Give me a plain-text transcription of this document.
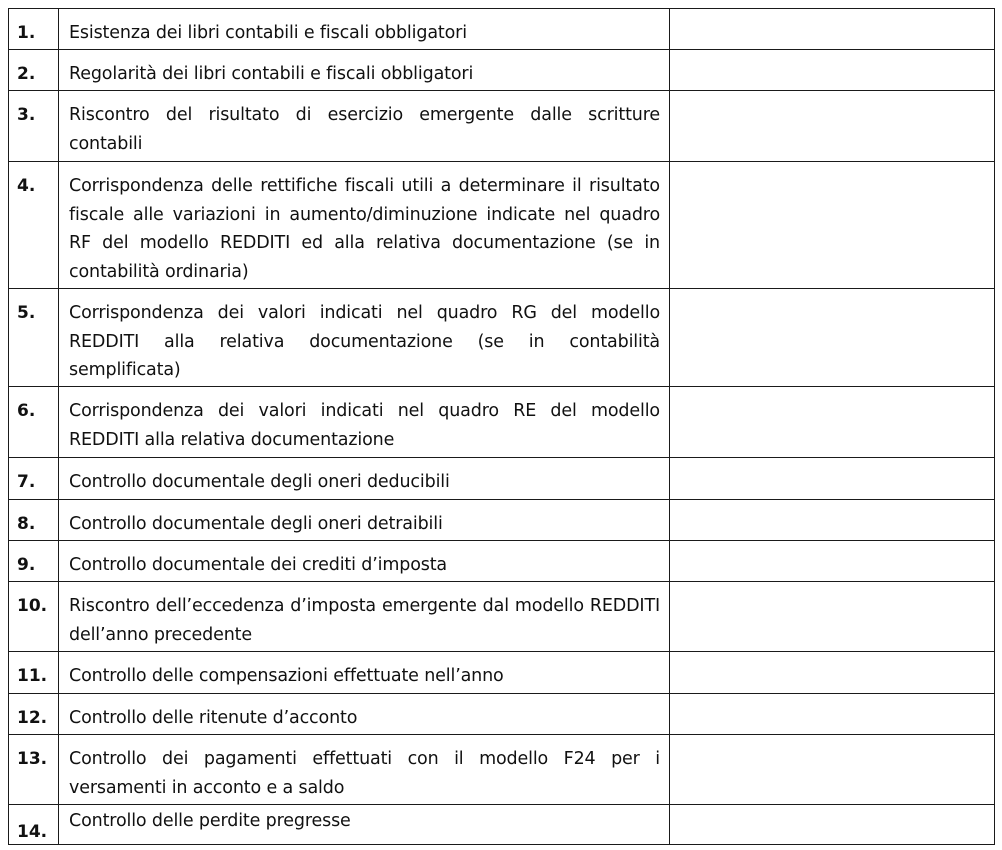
1.	Esistenza dei libri contabili e fiscali obbligatori	
2.	Regolarità dei libri contabili e fiscali obbligatori	
3.	Riscontro del risultato di esercizio emergente dalle scritture contabili	
4.	Corrispondenza delle rettifiche fiscali utili a determinare il risultato fiscale alle variazioni in aumento/diminuzione indicate nel quadro RF del modello REDDITI ed alla relativa documentazione (se in contabilità ordinaria)	
5.	Corrispondenza dei valori indicati nel quadro RG del modello REDDITI alla relativa documentazione (se in contabilità semplificata)	
6.	Corrispondenza dei valori indicati nel quadro RE del modello REDDITI alla relativa documentazione	
7.	Controllo documentale degli oneri deducibili	
8.	Controllo documentale degli oneri detraibili	
9.	Controllo documentale dei crediti d’imposta	
10.	Riscontro dell’eccedenza d’imposta emergente dal modello REDDITI dell’anno precedente	
11.	Controllo delle compensazioni effettuate nell’anno	
12.	Controllo delle ritenute d’acconto	
13.	Controllo dei pagamenti effettuati con il modello F24 per i versamenti in acconto e a saldo	
14.	Controllo delle perdite pregresse	
